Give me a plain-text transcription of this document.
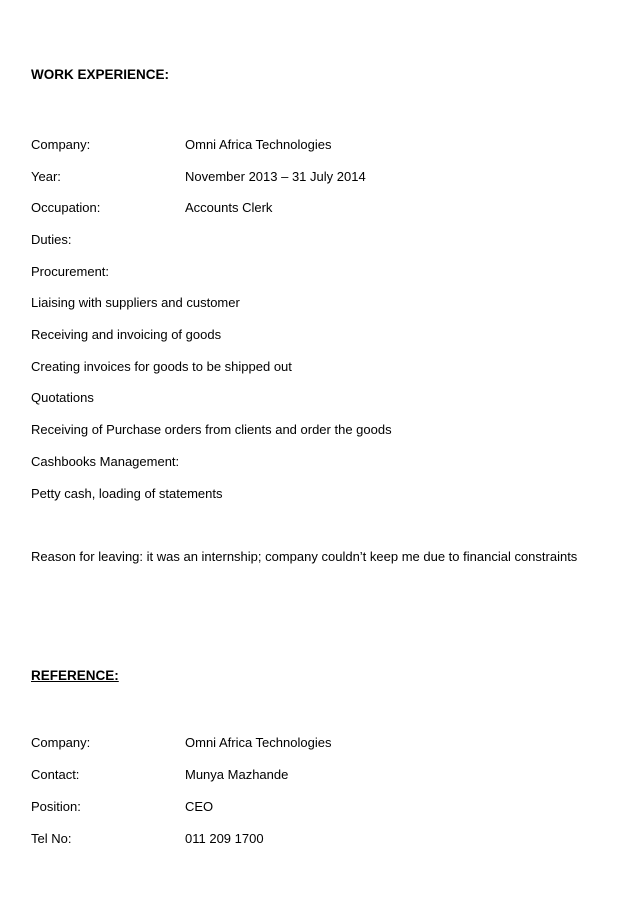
WORK EXPERIENCE:
Company:	Omni Africa Technologies
Year:	November 2013 – 31 July 2014
Occupation:	Accounts Clerk
Duties:
Procurement:
Liaising with suppliers and customer
Receiving and invoicing of goods
Creating invoices for goods to be shipped out
Quotations
Receiving of Purchase orders from clients and order the goods
Cashbooks Management:
Petty cash, loading of statements
Reason for leaving: it was an internship; company couldn’t keep me due to financial constraints
REFERENCE:
Company:	Omni Africa Technologies
Contact:	Munya Mazhande
Position:	CEO
Tel No:	011 209 1700
